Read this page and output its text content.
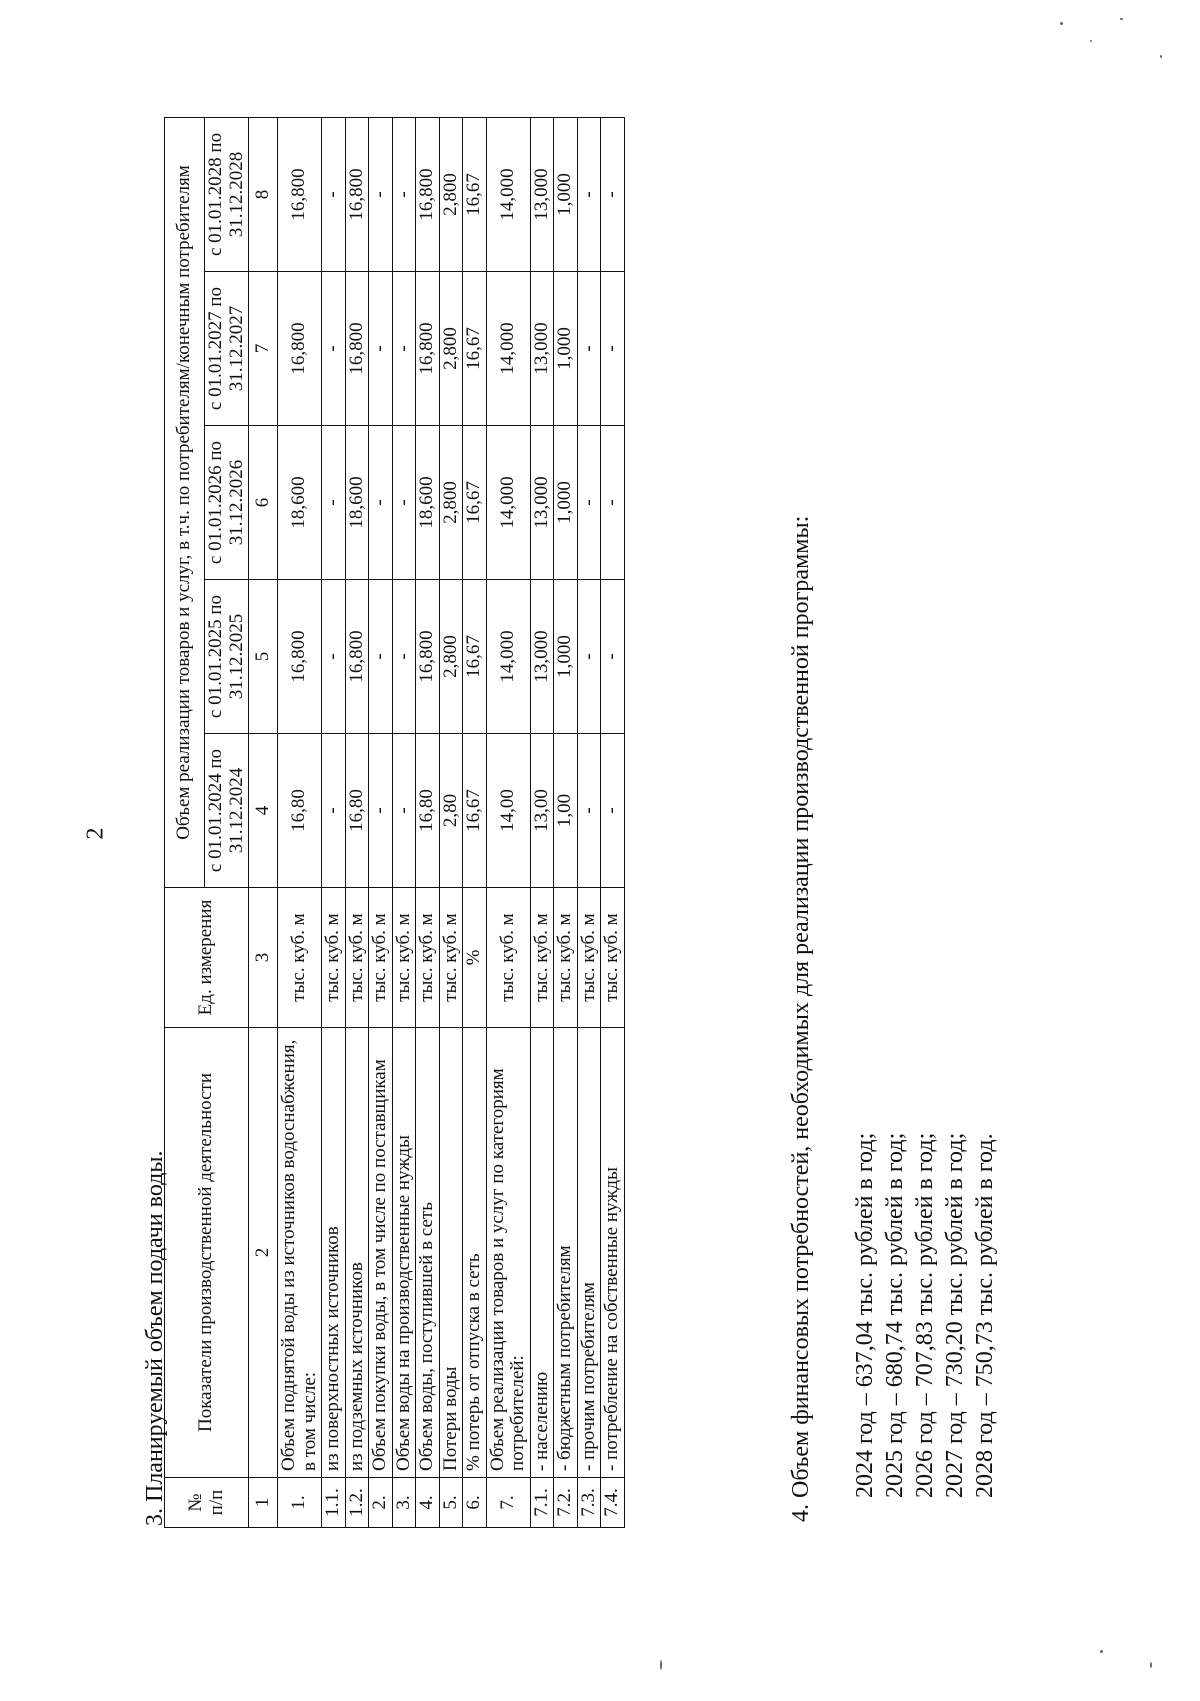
2
3. Планируемый объем подачи воды. № п/п	Показатели производственной деятельности	Ед. измерения	Объем реализации товаров и услуг, в т.ч. по потребителям/конечным потребителям				
			с 01.01.2024 по 31.12.2024	с 01.01.2025 по 31.12.2025	с 01.01.2026 по 31.12.2026	с 01.01.2027 по 31.12.2027	с 01.01.2028 по 31.12.2028
1	2	3	4	5	6	7	8
1.	Объем поднятой воды из источников водоснабжения, в том числе:	тыс. куб. м	16,80	16,800	18,600	16,800	16,800
1.1.	из поверхностных источников	тыс. куб. м	-	-	-	-	-
1.2.	из подземных источников	тыс. куб. м	16,80	16,800	18,600	16,800	16,800
2.	Объем покупки воды, в том числе по поставщикам	тыс. куб. м	-	-	-	-	-
3.	Объем воды на производственные нужды	тыс. куб. м	-	-	-	-	-
4.	Объем воды, поступившей в сеть	тыс. куб. м	16,80	16,800	18,600	16,800	16,800
5.	Потери воды	тыс. куб. м	2,80	2,800	2,800	2,800	2,800
6.	% потерь от отпуска в сеть	%	16,67	16,67	16,67	16,67	16,67
7.	Объем реализации товаров и услуг по категориям потребителей:	тыс. куб. м	14,00	14,000	14,000	14,000	14,000
7.1.	- населению	тыс. куб. м	13,00	13,000	13,000	13,000	13,000
7.2.	- бюджетным потребителям	тыс. куб. м	1,00	1,000	1,000	1,000	1,000
7.3.	- прочим потребителям	тыс. куб. м	-	-	-	-	-
7.4.	- потребление на собственные нужды	тыс. куб. м	-	-	-	-	-
4. Объем финансовых потребностей, необходимых для реализации производственной программы: 2024 год – 637,04 тыс. рублей в год; 2025 год – 680,74 тыс. рублей в год; 2026 год – 707,83 тыс. рублей в год; 2027 год – 730,20 тыс. рублей в год; 2028 год – 750,73 тыс. рублей в год.
